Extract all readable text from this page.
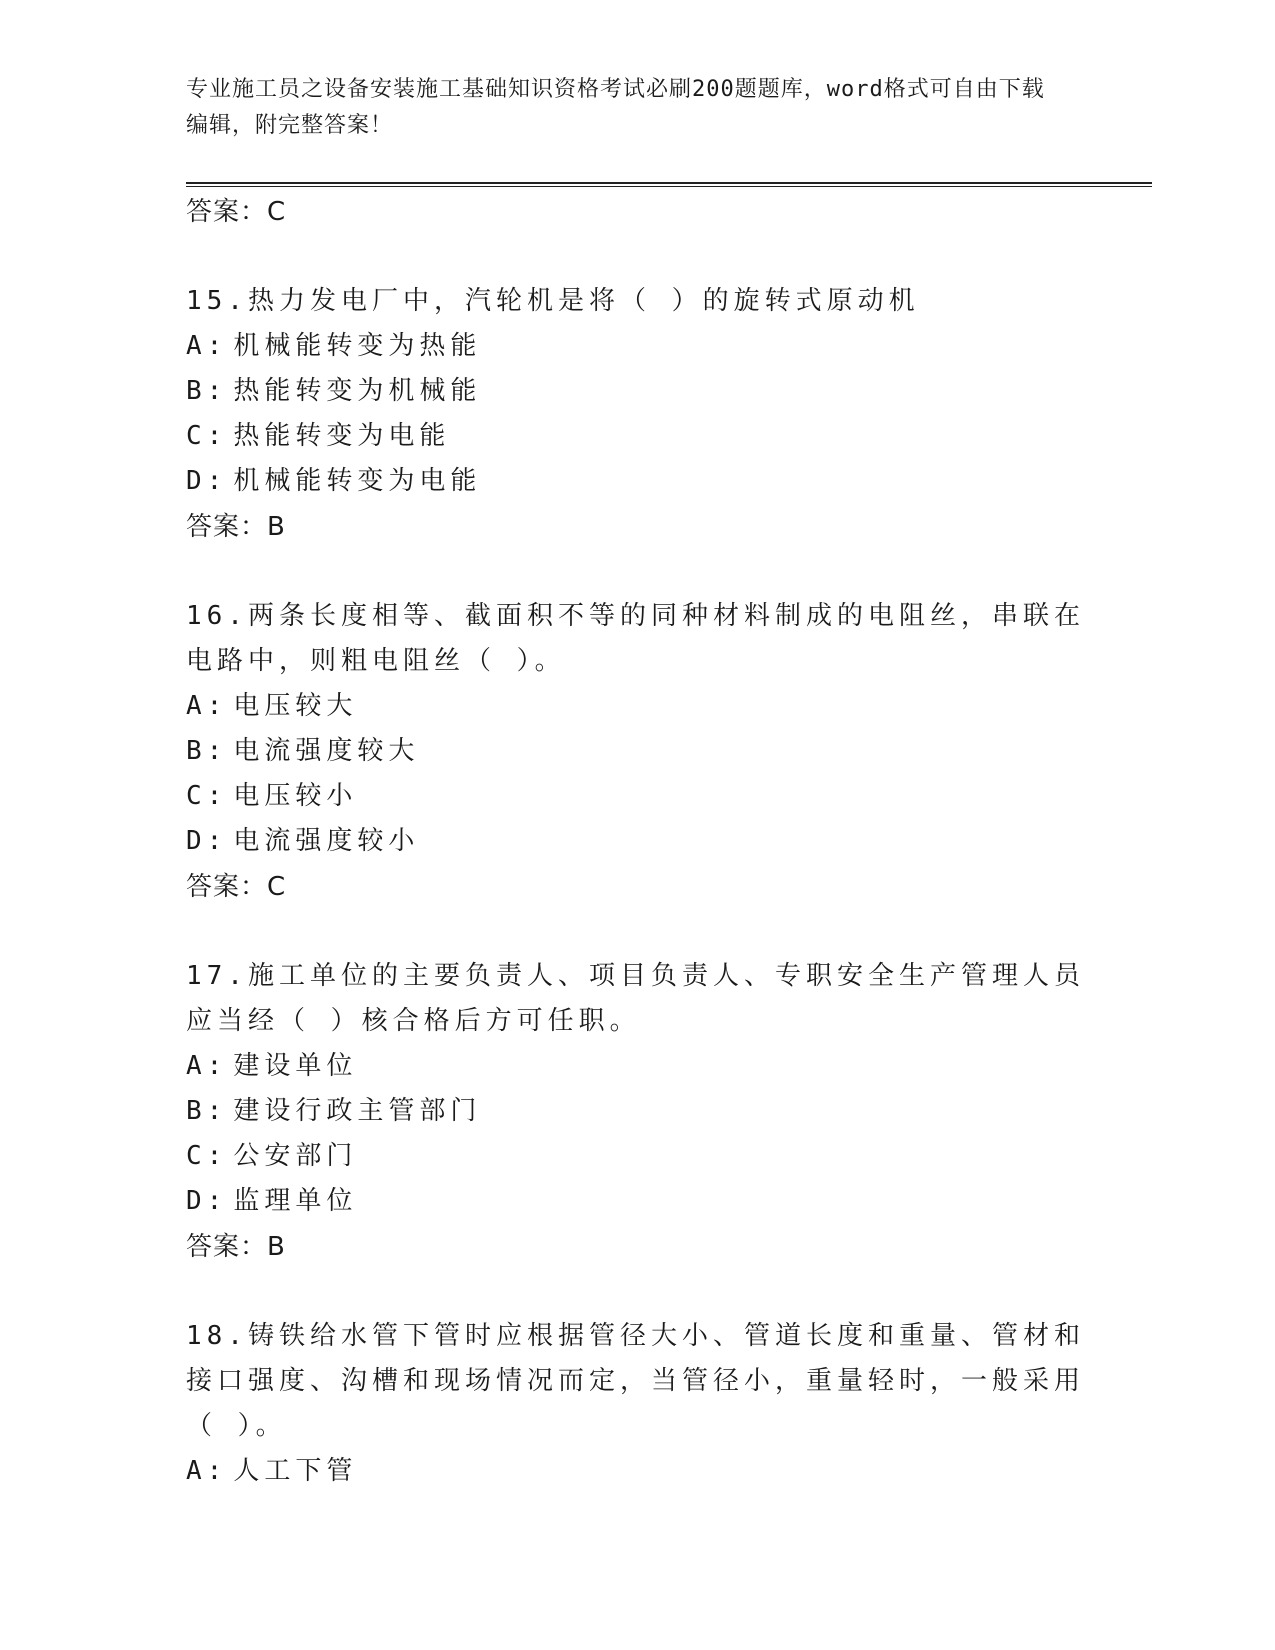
专业施工员之设备安装施工基础知识资格考试必刷200题题库，word格式可自由下载编辑，附完整答案！

答案：C

15.热力发电厂中，汽轮机是将（ ）的旋转式原动机

A: 机械能转变为热能

B: 热能转变为机械能

C: 热能转变为电能

D: 机械能转变为电能

答案：B

16.两条长度相等、截面积不等的同种材料制成的电阻丝，串联在电路中，则粗电阻丝（ ）。

A: 电压较大

B: 电流强度较大

C: 电压较小

D: 电流强度较小

答案：C

17.施工单位的主要负责人、项目负责人、专职安全生产管理人员应当经（ ）核合格后方可任职。

A: 建设单位

B: 建设行政主管部门

C: 公安部门

D: 监理单位

答案：B

18.铸铁给水管下管时应根据管径大小、管道长度和重量、管材和接口强度、沟槽和现场情况而定，当管径小，重量轻时，一般采用（ ）。

A: 人工下管
